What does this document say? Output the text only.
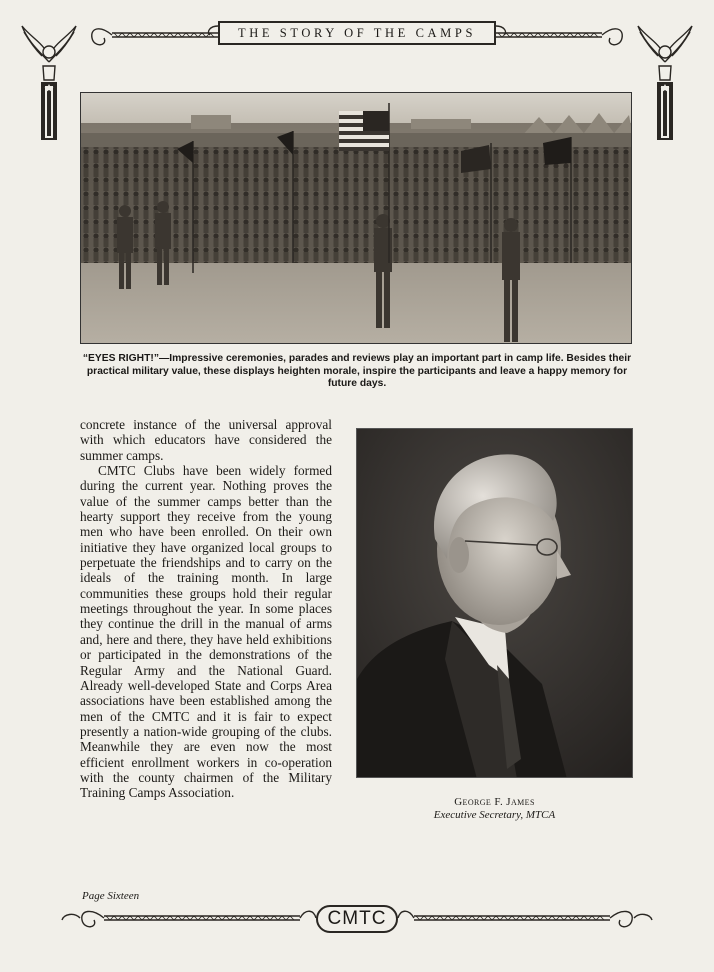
THE STORY OF THE CAMPS
“EYES RIGHT!”—Impressive ceremonies, parades and reviews play an important part in camp life. Besides their practical military value, these displays heighten morale, inspire the participants and leave a happy memory for future days.

concrete instance of the universal approval with which educators have considered the summer camps.

CMTC Clubs have been widely formed during the current year. Nothing proves the value of the summer camps better than the hearty support they receive from the young men who have been enrolled. On their own initiative they have organized local groups to perpetuate the friendships and to carry on the ideals of the training month. In large communities these groups hold their regular meetings throughout the year. In some places they continue the drill in the manual of arms and, here and there, they have held exhibitions or participated in the demonstrations of the Regular Army and the National Guard. Already well-developed State and Corps Area associations have been established among the men of the CMTC and it is fair to expect presently a nation-wide grouping of the clubs. Meanwhile they are even now the most efficient enrollment workers in co-operation with the county chairmen of the Military Training Camps Association.

George F. James
Executive Secretary, MTCA
Page Sixteen
CMTC
